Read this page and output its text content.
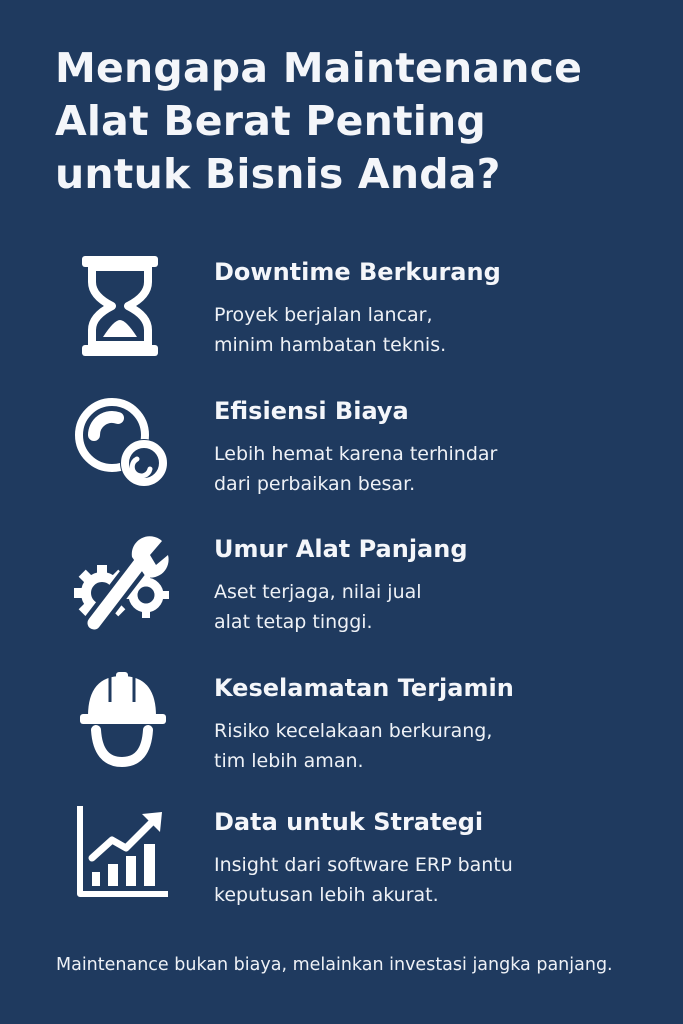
Mengapa Maintenance
Alat Berat Penting
untuk Bisnis Anda?
Downtime Berkurang
Proyek berjalan lancar,
minim hambatan teknis.
Efisiensi Biaya
Lebih hemat karena terhindar
dari perbaikan besar.
Umur Alat Panjang
Aset terjaga, nilai jual
alat tetap tinggi.
Keselamatan Terjamin
Risiko kecelakaan berkurang,
tim lebih aman.
Data untuk Strategi
Insight dari software ERP bantu
keputusan lebih akurat.
Maintenance bukan biaya, melainkan investasi jangka panjang.
